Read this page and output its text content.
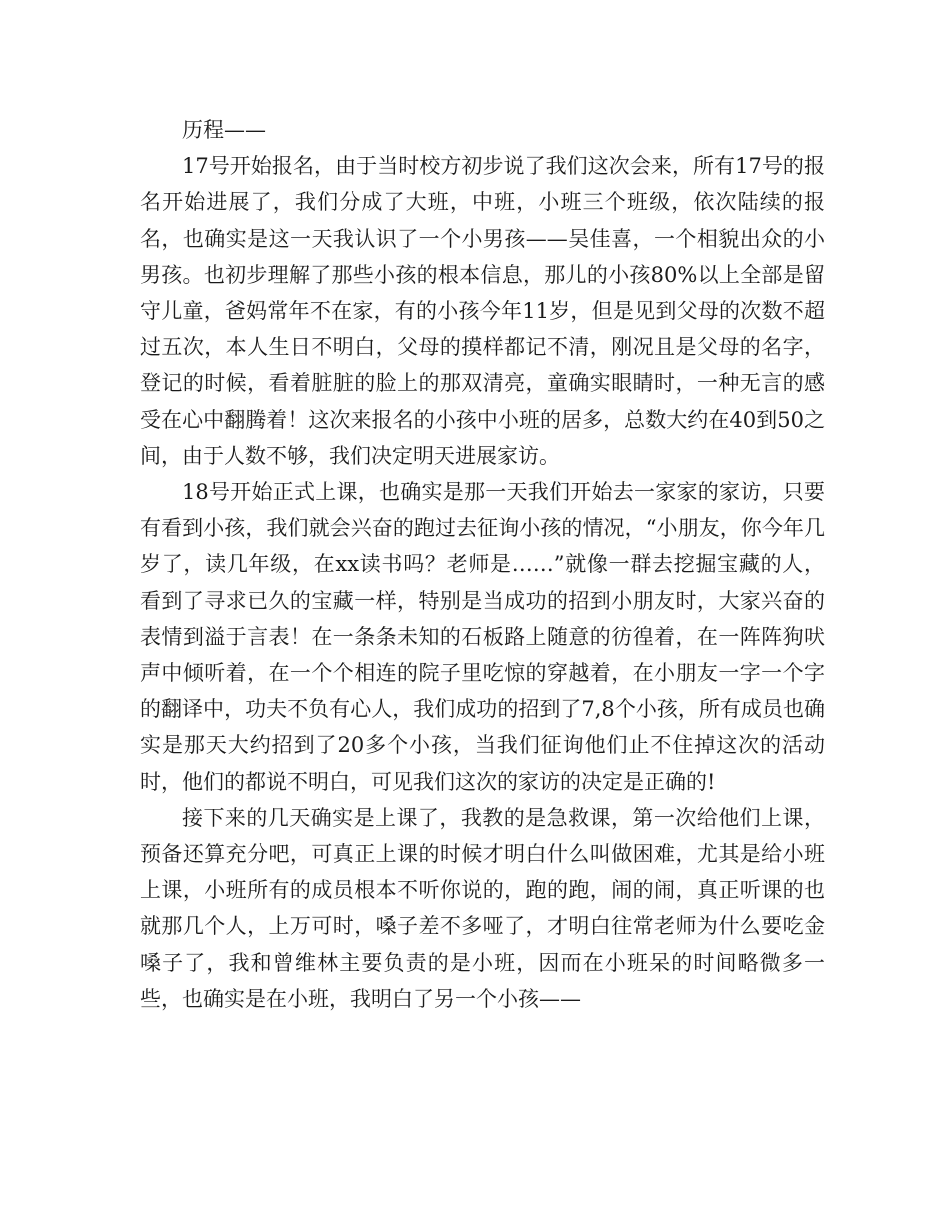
历程——

17号开始报名，由于当时校方初步说了我们这次会来，所有17号的报名开始进展了，我们分成了大班，中班，小班三个班级，依次陆续的报名，也确实是这一天我认识了一个小男孩——吴佳喜，一个相貌出众的小男孩。也初步理解了那些小孩的根本信息，那儿的小孩80%以上全部是留守儿童，爸妈常年不在家，有的小孩今年11岁，但是见到父母的次数不超过五次，本人生日不明白，父母的摸样都记不清，刚况且是父母的名字，登记的时候，看着脏脏的脸上的那双清亮，童确实眼睛时，一种无言的感受在心中翻腾着！这次来报名的小孩中小班的居多，总数大约在40到50之间，由于人数不够，我们决定明天进展家访。

18号开始正式上课，也确实是那一天我们开始去一家家的家访，只要有看到小孩，我们就会兴奋的跑过去征询小孩的情况，“小朋友，你今年几岁了，读几年级，在xx读书吗？老师是……”就像一群去挖掘宝藏的人，看到了寻求已久的宝藏一样，特别是当成功的招到小朋友时，大家兴奋的表情到溢于言表！在一条条未知的石板路上随意的彷徨着，在一阵阵狗吠声中倾听着，在一个个相连的院子里吃惊的穿越着，在小朋友一字一个字的翻译中，功夫不负有心人，我们成功的招到了7,8个小孩，所有成员也确实是那天大约招到了20多个小孩，当我们征询他们止不住掉这次的活动时，他们的都说不明白，可见我们这次的家访的决定是正确的!

接下来的几天确实是上课了，我教的是急救课，第一次给他们上课，预备还算充分吧，可真正上课的时候才明白什么叫做困难，尤其是给小班上课，小班所有的成员根本不听你说的，跑的跑，闹的闹，真正听课的也就那几个人，上万可时，嗓子差不多哑了，才明白往常老师为什么要吃金嗓子了，我和曾维林主要负责的是小班，因而在小班呆的时间略微多一些，也确实是在小班，我明白了另一个小孩——
